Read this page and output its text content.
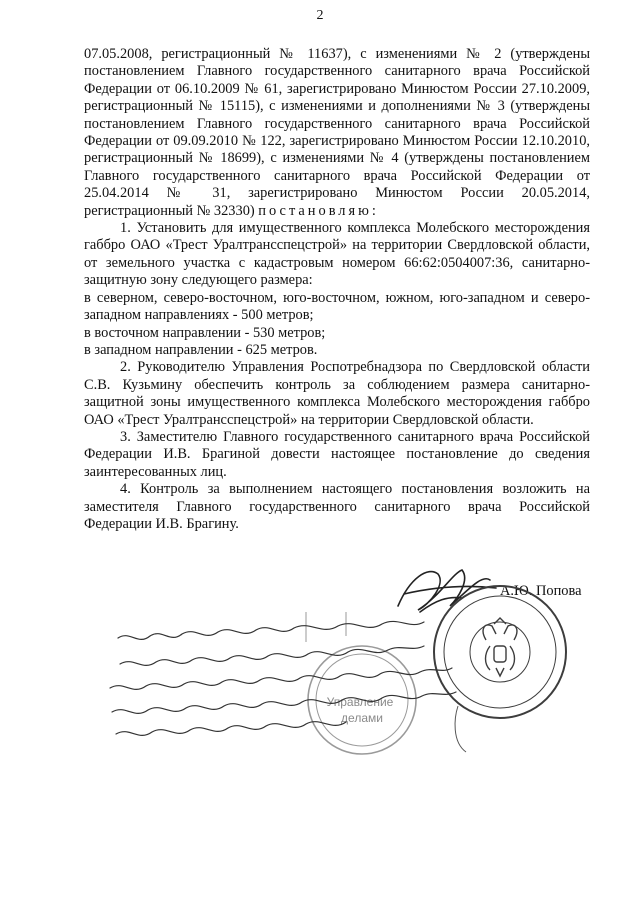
2

07.05.2008, регистрационный № 11637), с изменениями № 2 (утверждены постановлением Главного государственного санитарного врача Российской Федерации от 06.10.2009 № 61, зарегистрировано Минюстом России 27.10.2009, регистрационный № 15115), с изменениями и дополнениями № 3 (утверждены постановлением Главного государственного санитарного врача Российской Федерации от 09.09.2010 № 122, зарегистрировано Минюстом России 12.10.2010, регистрационный № 18699), с изменениями № 4 (утверждены постановлением Главного государственного санитарного врача Российской Федерации от 25.04.2014 № 31, зарегистрировано Минюстом России 20.05.2014, регистрационный № 32330) постановляю:

1. Установить для имущественного комплекса Молебского месторождения габбро ОАО «Трест Уралтрансспецстрой» на территории Свердловской области, от земельного участка с кадастровым номером 66:62:0504007:36, санитарно-защитную зону следующего размера:

в северном, северо-восточном, юго-восточном, южном, юго-западном и северо-западном направлениях - 500 метров;

в восточном направлении - 530 метров;

в западном направлении - 625 метров.

2. Руководителю Управления Роспотребнадзора по Свердловской области С.В. Кузьмину обеспечить контроль за соблюдением размера санитарно-защитной зоны имущественного комплекса Молебского месторождения габбро ОАО «Трест Уралтрансспецстрой» на территории Свердловской области.

3. Заместителю Главного государственного санитарного врача Российской Федерации И.В. Брагиной довести настоящее постановление до сведения заинтересованных лиц.

4. Контроль за выполнением настоящего постановления возложить на заместителя Главного государственного санитарного врача Российской Федерации И.В. Брагину.

А.Ю. Попова
Управление
делами
